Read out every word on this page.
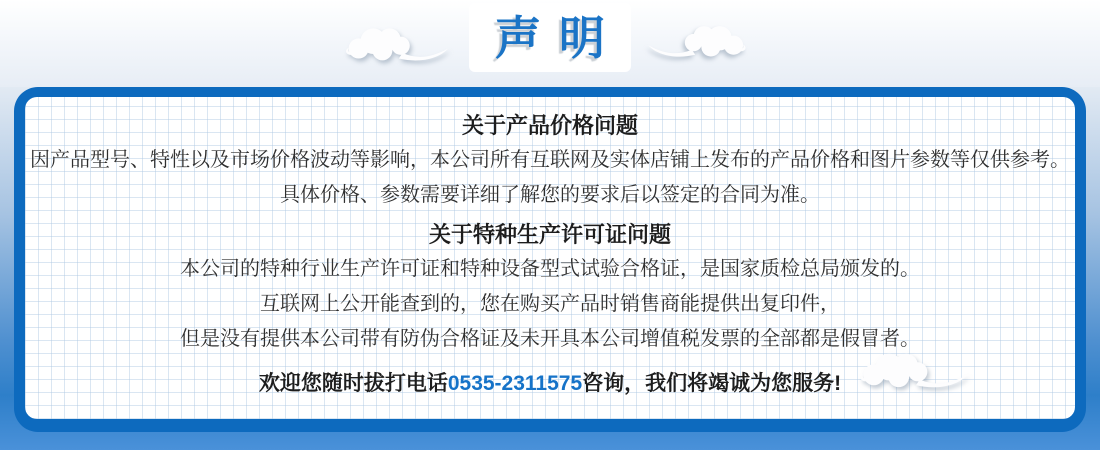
声明
关于产品价格问题
因产品型号、特性以及市场价格波动等影响，本公司所有互联网及实体店铺上发布的产品价格和图片参数等仅供参考。
具体价格、参数需要详细了解您的要求后以签定的合同为准。
关于特种生产许可证问题
本公司的特种行业生产许可证和特种设备型式试验合格证，是国家质检总局颁发的。
互联网上公开能查到的，您在购买产品时销售商能提供出复印件，
但是没有提供本公司带有防伪合格证及未开具本公司增值税发票的全部都是假冒者。
欢迎您随时拔打电话0535-2311575咨询，我们将竭诚为您服务!
